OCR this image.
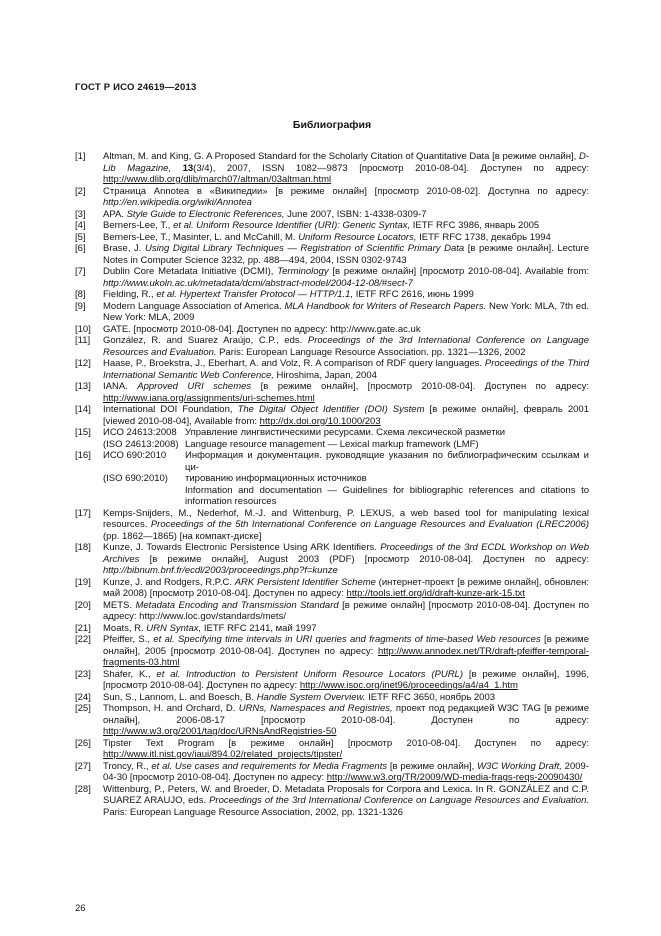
ГОСТ Р ИСО 24619—2013
Библиография
[1]	Altman, M. and King, G. A Proposed Standard for the Scholarly Citation of Quantitative Data [в режиме онлайн], D-Lib Magazine, 13(3/4), 2007, ISSN 1082—9873 [просмотр 2010-08-04]. Доступен по адресу: http://www.dlib.org/dlib/march07/altman/03altman.html
[2]	Страница Annotea в «Википедии» [в режиме онлайн] [просмотр 2010-08-02]. Доступна по адресу: http://en.wikipedia.org/wiki/Annotea
[3]	APA. Style Guide to Electronic References, June 2007, ISBN: 1-4338-0309-7
[4]	Berners-Lee, T., et al. Uniform Resource Identifier (URI): Generic Syntax, IETF RFC 3986, январь 2005
[5]	Berners-Lee, T., Masinter, L. and McCahill, M. Uniform Resource Locators, IETF RFC 1738, декабрь 1994
[6]	Brase, J. Using Digital Library Techniques — Registration of Scientific Primary Data [в режиме онлайн]. Lecture Notes in Computer Science 3232, pp. 488—494, 2004, ISSN 0302-9743
[7]	Dublin Core Metadata Initiative (DCMI), Terminology [в режиме онлайн] [просмотр 2010-08-04]. Available from: http://www.ukoln.ac.uk/metadata/dcmi/abstract-model/2004-12-08/#sect-7
[8]	Fielding, R., et al. Hypertext Transfer Protocol — HTTP/1.1, IETF RFC 2616, июнь 1999
[9]	Modern Language Association of America. MLA Handbook for Writers of Research Papers. New York: MLA, 7th ed. New York: MLA, 2009
[10]	GATE. [просмотр 2010-08-04]. Доступен по адресу: http://www.gate.ac.uk
[11]	González, R. and Suarez Araújo, C.P., eds. Proceedings of the 3rd International Conference on Language Resources and Evaluation. Paris: European Language Resource Association. pp. 1321—1326, 2002
[12]	Haase, P., Broekstra, J., Eberhart, A. and Volz, R. A comparison of RDF query languages. Proceedings of the Third International Semantic Web Conference, Hiroshima, Japan, 2004
[13]	IANA. Approved URI schemes [в режиме онлайн], [просмотр 2010-08-04]. Доступен по адресу: http://www.iana.org/assignments/uri-schemes.html
[14]	International DOI Foundation, The Digital Object Identifier (DOI) System [в режиме онлайн], февраль 2001 [viewed 2010-08-04], Available from: http://dx.doi.org/10.1000/203
[15]	ИСО 24613:2008 Управление лингвистическими ресурсами. Схема лексической разметки
(ISO 24613:2008) Language resource management — Lexical markup framework (LMF)
[16]	ИСО 690:2010	Информация и документация. руководящие указания по библиографическим ссылкам и ци-
(ISO 690:2010)	тированию информационных источников
Information and documentation — Guidelines for bibliographic references and citations to information resources
[17]	Kemps-Snijders, M., Nederhof, M.-J. and Wittenburg, P. LEXUS, a web based tool for manipulating lexical resources. Proceedings of the 5th International Conference on Language Resources and Evaluation (LREC2006) (pp. 1862—1865) [на компакт-диске]
[18]	Kunze, J. Towards Electronic Persistence Using ARK Identifiers. Proceedings of the 3rd ECDL Workshop on Web Archives [в режиме онлайн], August 2003 (PDF) [просмотр 2010-08-04]. Доступен по адресу: http://bibnum.bnf.fr/ecdl/2003/proceedings.php?f=kunze
[19]	Kunze, J. and Rodgers, R.P.C. ARK Persistent Identifier Scheme (интернет-проект [в режиме онлайн], обновлен: май 2008) [просмотр 2010-08-04]. Доступен по адресу: http://tools.ietf.org/id/draft-kunze-ark-15.txt
[20]	METS. Metadata Encoding and Transmission Standard [в режиме онлайн] [просмотр 2010-08-04]. Доступен по адресу: http://www.loc.gov/standards/mets/
[21]	Moats, R. URN Syntax, IETF RFC 2141, май 1997
[22]	Pfeiffer, S., et al. Specifying time intervals in URI queries and fragments of time-based Web resources [в режиме онлайн], 2005 [просмотр 2010-08-04]. Доступен по адресу: http://www.annodex.net/TR/draft-pfeiffer-temporal-fragments-03.html
[23]	Shafer, K., et al. Introduction to Persistent Uniform Resource Locators (PURL) [в режиме онлайн], 1996, [просмотр 2010-08-04]. Доступен по адресу: http://www.isoc.org/inet96/proceedings/a4/a4_1.htm
[24]	Sun, S., Lannom, L. and Boesch, B. Handle System Overview. IETF RFC 3650, ноябрь 2003
[25]	Thompson, H. and Orchard, D. URNs, Namespaces and Registries, проект под редакцией W3C TAG [в режиме онлайн], 2006-08-17 [просмотр 2010-08-04]. Доступен по адресу: http://www.w3.org/2001/tag/doc/URNsAndRegistries-50
[26]	Tipster Text Program [в режиме онлайн] [просмотр 2010-08-04]. Доступен по адресу: http://www.itl.nist.gov/iaui/894.02/related_projects/tipster/
[27]	Troncy, R., et al. Use cases and requirements for Media Fragments [в режиме онлайн], W3C Working Draft, 2009-04-30 [просмотр 2010-08-04]. Доступен по адресу: http://www.w3.org/TR/2009/WD-media-frags-reqs-20090430/
[28]	Wittenburg, P., Peters, W. and Broeder, D. Metadata Proposals for Corpora and Lexica. In R. GONZÁLEZ and C.P. SUAREZ ARAUJO, eds. Proceedings of the 3rd International Conference on Language Resources and Evaluation. Paris: European Language Resource Association, 2002, pp. 1321-1326
26
